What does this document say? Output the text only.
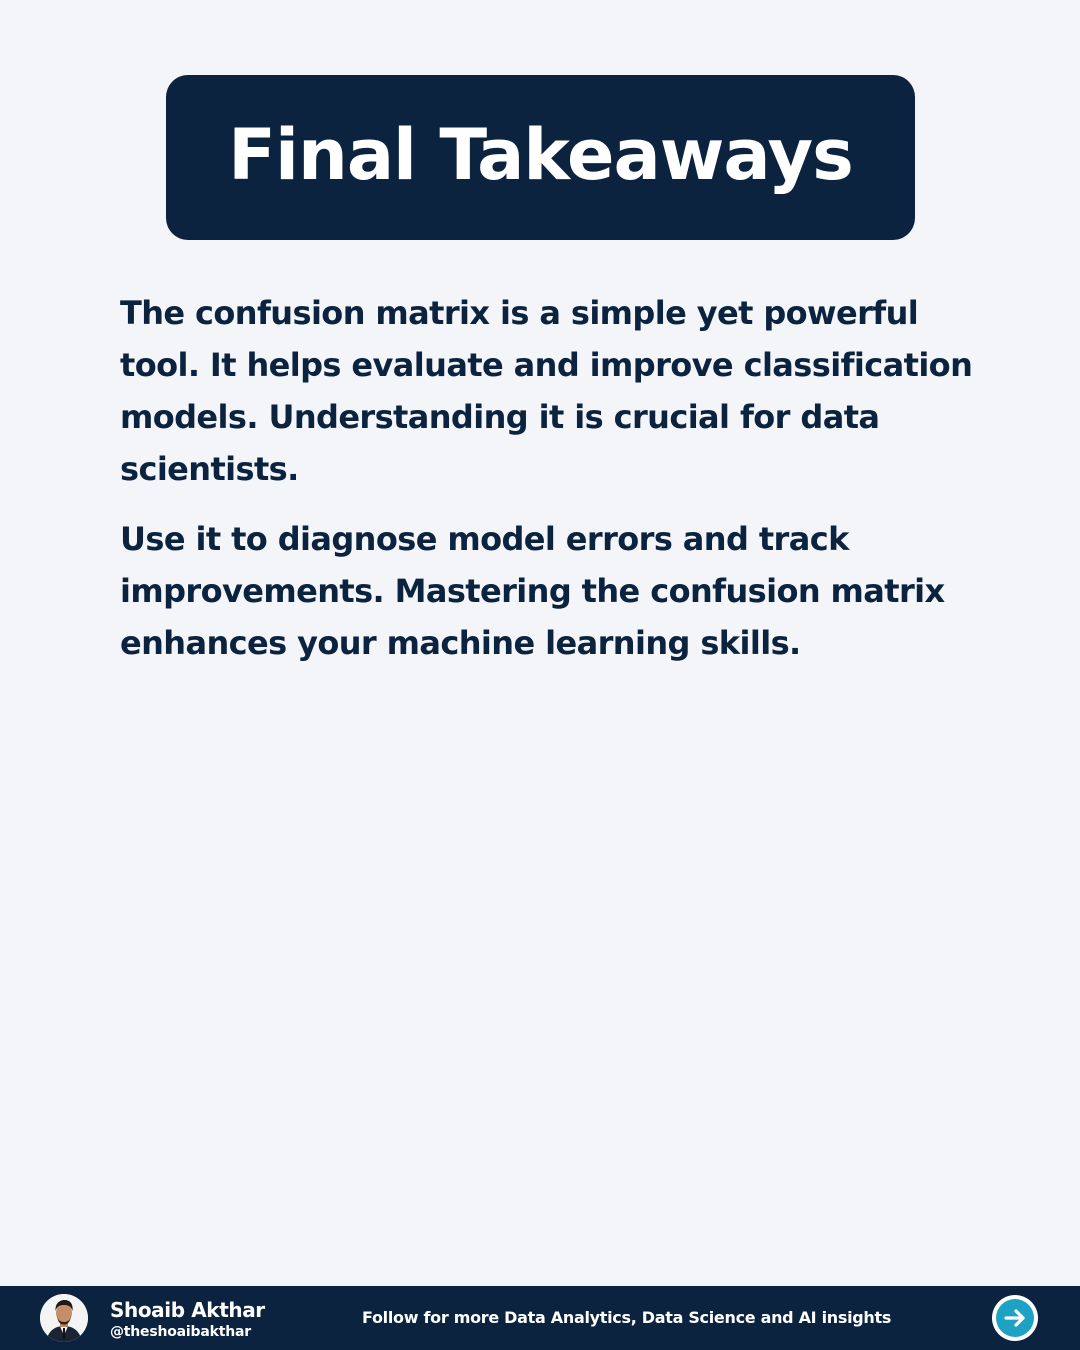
Final Takeaways

The confusion matrix is a simple yet powerful tool. It helps evaluate and improve classification models. Understanding it is crucial for data scientists.

Use it to diagnose model errors and track improvements. Mastering the confusion matrix enhances your machine learning skills.

Shoaib Akthar
@theshoaibakthar
Follow for more Data Analytics, Data Science and AI insights
